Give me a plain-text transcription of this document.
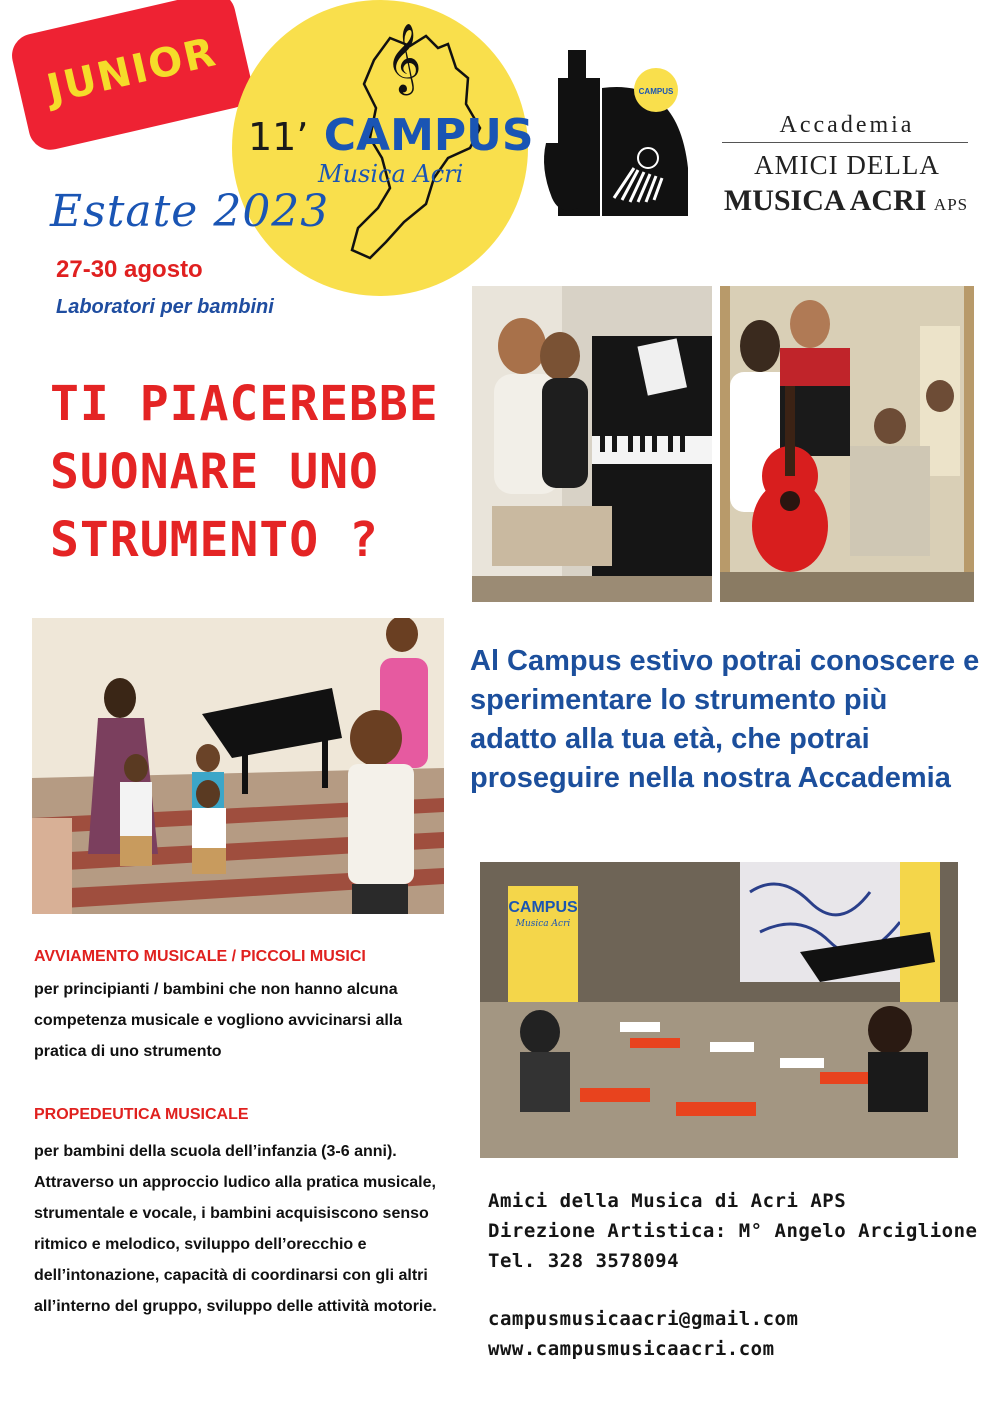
JUNIOR	𝄞
11’ CAMPUS
Musica Acri
Estate 2023
27-30 agosto
Laboratori per bambini
CAMPUS
Accademia
AMICI DELLA
MUSICA ACRI APS
TI PIACEREBBE
SUONARE UNO
STRUMENTO ?
Al Campus estivo potrai conoscere e sperimentare lo strumento più adatto alla tua età, che potrai proseguire nella nostra Accademia
AVVIAMENTO MUSICALE / PICCOLI MUSICI
per principianti / bambini che non hanno alcuna competenza musicale e vogliono avvicinarsi alla pratica di uno strumento
PROPEDEUTICA MUSICALE
per bambini della scuola dell’infanzia (3-6 anni). Attraverso un approccio ludico alla pratica musicale, strumentale e vocale, i bambini acquisiscono senso ritmico e melodico, sviluppo dell’orecchio e dell’intonazione, capacità di coordinarsi con gli altri all’interno del gruppo, sviluppo delle attività motorie.
CAMPUS
Musica Acri
Amici della Musica di Acri APS
Direzione Artistica: M° Angelo Arciglione
Tel. 328 3578094
campusmusicaacri@gmail.com
www.campusmusicaacri.com
